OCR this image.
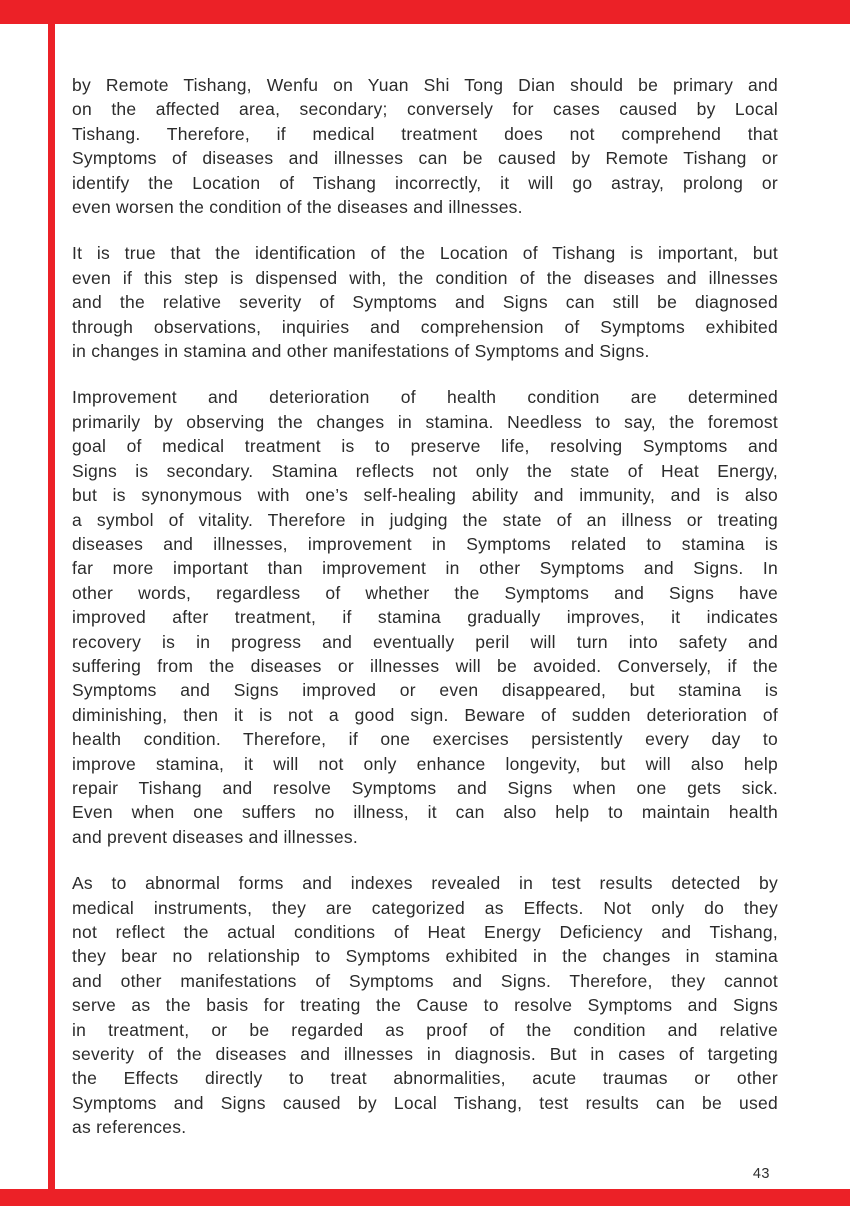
by Remote Tishang, Wenfu on Yuan Shi Tong Dian should be primary and
on the affected area, secondary; conversely for cases caused by Local
Tishang. Therefore, if medical treatment does not comprehend that
Symptoms of diseases and illnesses can be caused by Remote Tishang or
identify the Location of Tishang incorrectly, it will go astray, prolong or
even worsen the condition of the diseases and illnesses.
It is true that the identification of the Location of Tishang is important, but
even if this step is dispensed with, the condition of the diseases and illnesses
and the relative severity of Symptoms and Signs can still be diagnosed
through observations, inquiries and comprehension of Symptoms exhibited
in changes in stamina and other manifestations of Symptoms and Signs.
Improvement and deterioration of health condition are determined
primarily by observing the changes in stamina. Needless to say, the foremost
goal of medical treatment is to preserve life, resolving Symptoms and
Signs is secondary. Stamina reflects not only the state of Heat Energy,
but is synonymous with one’s self-healing ability and immunity, and is also
a symbol of vitality. Therefore in judging the state of an illness or treating
diseases and illnesses, improvement in Symptoms related to stamina is
far more important than improvement in other Symptoms and Signs. In
other words, regardless of whether the Symptoms and Signs have
improved after treatment, if stamina gradually improves, it indicates
recovery is in progress and eventually peril will turn into safety and
suffering from the diseases or illnesses will be avoided. Conversely, if the
Symptoms and Signs improved or even disappeared, but stamina is
diminishing, then it is not a good sign. Beware of sudden deterioration of
health condition. Therefore, if one exercises persistently every day to
improve stamina, it will not only enhance longevity, but will also help
repair Tishang and resolve Symptoms and Signs when one gets sick.
Even when one suffers no illness, it can also help to maintain health
and prevent diseases and illnesses.
As to abnormal forms and indexes revealed in test results detected by
medical instruments, they are categorized as Effects. Not only do they
not reflect the actual conditions of Heat Energy Deficiency and Tishang,
they bear no relationship to Symptoms exhibited in the changes in stamina
and other manifestations of Symptoms and Signs. Therefore, they cannot
serve as the basis for treating the Cause to resolve Symptoms and Signs
in treatment, or be regarded as proof of the condition and relative
severity of the diseases and illnesses in diagnosis. But in cases of targeting
the Effects directly to treat abnormalities, acute traumas or other
Symptoms and Signs caused by Local Tishang, test results can be used
as references.
43
